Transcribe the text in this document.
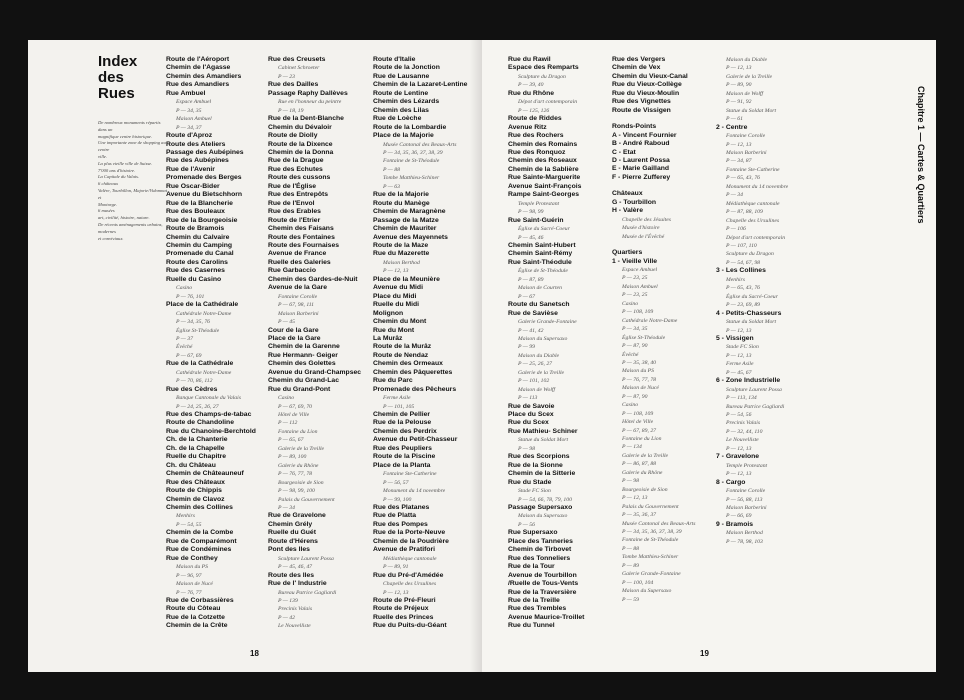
Index
des
Rues
De nombreux monuments répartis dans un
magnifique centre historique.
Une importante zone de shopping au centre
ville.
La plus vieille ville de Suisse.
7'000 ans d'histoire.
La Capitale du Valais.
6 châteaux
Valère, Tourbillon, Majorie/Vidomnat et
Montorge.
6 musées
art, civilité, histoire, nature.
De récents aménagements urbains, modernes
et conviviaux.
Route de l'Aéroport
Chemin de l'Agasse
Chemin des Amandiers
Rue des Amandiers
Rue Ambuel
Espace Ambuel
P — 34, 35
Maison Ambuel
P — 34, 37
Route d'Aproz
Route des Ateliers
Passage des Aubépines
Rue des Aubépines
Rue de l'Avenir
Promenade des Berges
Rue Oscar-Bider
Avenue du Bietschhorn
Rue de la Blancherie
Rue des Bouleaux
Rue de la Bourgeoisie
Route de Bramois
Chemin du Calvaire
Chemin du Camping
Promenade du Canal
Route des Carolins
Rue des Casernes
Ruelle du Casino
Casino
P — 76, 101
Place de la Cathédrale
Cathédrale Notre-Dame
P — 34, 35, 76
Église St-Théodule
P — 37
Évêché
P — 67, 69
Rue de la Cathédrale
Cathédrale Notre-Dame
P — 70, 86, 112
Rue des Cèdres
Banque Cantonale du Valais
P — 24, 25, 26, 27
Rue des Champs-de-tabac
Route de Chandoline
Rue du Chanoine-Berchtold
Ch. de la Chanterie
Ch. de la Chapelle
Ruelle du Chapitre
Ch. du Château
Chemin de Châteauneuf
Rue des Châteaux
Route de Chippis
Chemin de Clavoz
Chemin des Collines
Menhirs
P — 54, 55
Chemin de la Combe
Rue de Comparémont
Rue de Condémines
Rue de Conthey
Maison du PS
P — 96, 97
Maison de Nucé
P — 76, 77
Rue de Corbassières
Route du Côteau
Rue de la Cotzette
Chemin de la Crête
Rue des Creusets
Cabinet Schroeter
P — 23
Rue des Dailles
Passage Raphy Dallèves
Rue en l'honneur du peintre
P — 18, 19
Rue de la Dent-Blanche
Chemin du Dévaloir
Route de Diolly
Route de la Dixence
Chemin de la Donna
Rue de la Drague
Rue des Echutes
Route des cussons
Rue de l'Église
Rue des Entrepôts
Rue de l'Envol
Rue des Erables
Route de l'Etrier
Chemin des Faisans
Route des Fontaines
Route des Fournaises
Avenue de France
Ruelle des Galeries
Rue Garbaccio
Chemin des Gardes-de-Nuit
Avenue de la Gare
Fontaine Corolle
P — 67, 98, 111
Maison Barberini
P — 45
Cour de la Gare
Place de la Gare
Chemin de la Garenne
Rue Hermann- Geiger
Chemin des Golettes
Avenue du Grand-Champsec
Chemin du Grand-Lac
Rue du Grand-Pont
Casino
P — 67, 69, 70
Hôtel de Ville
P — 112
Fontaine du Lion
P — 65, 67
Galerie de la Treille
P — 89, 100
Galerie du Rhône
P — 76, 77, 78
Bourgeoisie de Sion
P — 98, 99, 100
Palais du Gouvernement
P — 34
Rue de Gravelone
Chemin Grély
Ruelle du Guét
Route d'Hérens
Pont des Iles
Sculpture Laurent Possa
P — 45, 46, 47
Route des Iles
Rue de l' Industrie
Bureau Patrice Gagliardi
P — 139
Precinis Valais
P — 42
Le Nouvelliste
Route d'Italie
Route de la Jonction
Rue de Lausanne
Chemin de la Lazaret-Lentine
Route de Lentine
Chemin des Lézards
Chemin des Lilas
Rue de Loèche
Route de la Lombardie
Place de la Majorie
Musée Cantonal des Beaux-Arts
P — 34, 35, 36, 37, 38, 39
Fontaine de St-Théodule
P — 88
Tombe Matthieu-Schiner
P — 63
Rue de la Majorie
Route du Manège
Chemin de Maragnène
Passage de la Matze
Chemin de Mauriter
Avenue des Mayennets
Route de la Maze
Rue du Mazerette
Maison Berthod
P — 12, 13
Place de la Meunière
Avenue du Midi
Place du Midi
Ruelle du Midi
Molignon
Chemin du Mont
Rue du Mont
La Murâz
Route de la Murâz
Route de Nendaz
Chemin des Ormeaux
Chemin des Pâquerettes
Rue du Parc
Promenade des Pêcheurs
Ferme Asile
P — 101, 105
Chemin de Pellier
Rue de la Pelouse
Chemin des Perdrix
Avenue du Petit-Chasseur
Rue des Peupliers
Route de la Piscine
Place de la Planta
Fontaine Ste-Catherine
P — 56, 57
Monument du 14 novembre
P — 99, 100
Rue des Platanes
Rue de Platta
Rue des Pompes
Rue de la Porte-Neuve
Chemin de la Poudrière
Avenue de Pratifori
Médiathèque cantonale
P — 89, 91
Rue du Pré-d'Amédée
Chapelle des Ursulines
P — 12, 13
Route de Pré-Fleuri
Route de Préjeux
Ruelle des Princes
Rue du Puits-du-Géant
18
Rue du Rawil
Espace des Remparts
Sculpture du Dragon
P — 39, 40
Rue du Rhône
Dépot d'art contemporain
P — 125, 126
Route de Riddes
Avenue Ritz
Rue des Rochers
Chemin des Romains
Rue des Ronquoz
Chemin des Roseaux
Chemin de la Sablière
Rue Sainte-Marguerite
Avenue Saint-François
Rampe Saint-Georges
Temple Protestant
P — 98, 99
Rue Saint-Guérin
Église du Sacré-Coeur
P — 45, 46
Chemin Saint-Hubert
Chemin Saint-Rémy
Rue Saint-Théodule
Église de St-Théodule
P — 87, 89
Maison de Courten
P — 67
Route du Sanetsch
Rue de Savièse
Galerie Grande-Fontaine
P — 41, 42
Maison du Supersaxo
P — 99
Maison du Diable
P — 25, 26, 27
Galerie de la Treille
P — 101, 102
Maison de Wolff
P — 113
Rue de Savoie
Place du Scex
Rue du Scex
Rue Mathieu- Schiner
Statue du Soldat Mort
P — 98
Rue des Scorpions
Rue de la Sionne
Chemin de la Sitterie
Rue du Stade
Stade FC Sion
P — 54, 66, 78, 79, 100
Passage Supersaxo
Maison du Supersaxo
P — 56
Rue Supersaxo
Place des Tanneries
Chemin de Tirbovet
Rue des Tonneliers
Rue de la Tour
Avenue de Tourbillon
/Ruelle de Tous-Vents
Rue de la Traversière
Rue de la Treille
Rue des Trembles
Avenue Maurice-Troillet
Rue du Tunnel
Rue des Vergers
Chemin de Vex
Chemin du Vieux-Canal
Rue du Vieux-Collège
Rue du Vieux-Moulin
Rue des Vignettes
Route de Vissigen
Ronds-Points
A - Vincent Fournier
B - André Raboud
C - Etat
D - Laurent Possa
E - Marie Gailland
F - Pierre Zufferey
Châteaux
G - Tourbillon
H - Valère
Chapelle des Jésuites
Musée d'histoire
Musée de l'Évêché
Quartiers
1 - Vieille Ville
Espace Ambuel
P — 23, 25
Maison Ambuel
P — 23, 25
Casino
P — 108, 109
Cathédrale Notre-Dame
P — 34, 35
Église St-Théodule
P — 87, 90
Évêché
P — 35, 38, 40
Maison du PS
P — 76, 77, 78
Maison de Nucé
P — 87, 90
Casino
P — 108, 109
Hôtel de Ville
P — 67, 89, 27
Fontaine du Lion
P — 134
Galerie de la Treille
P — 86, 87, 88
Galerie du Rhône
P — 98
Bourgeoisie de Sion
P — 12, 13
Palais du Gouvernement
P — 35, 36, 37
Musée Cantonal des Beaux-Arts
P — 34, 35, 36, 37, 38, 39
Fontaine de St-Théodule
P — 88
Tombe Matthieu-Schiner
P — 89
Galerie Grande-Fontaine
P — 100, 104
Maison du Supersaxo
P — 59
Maison du Diable
P — 12, 13
Galerie de la Treille
P — 89, 90
Maison de Wolff
P — 91, 92
Statue du Soldat Mort
P — 61
2 - Centre
Fontaine Corolle
P — 12, 13
Maison Barberini
P — 34, 87
Fontaine Ste-Catherine
P — 65, 43, 76
Monument du 14 novembre
P — 34
Médiathèque cantonale
P — 87, 88, 109
Chapelle des Ursulines
P — 106
Dépot d'art contemporain
P — 107, 110
Sculpture du Dragon
P — 54, 67, 98
3 - Les Collines
Menhirs
P — 65, 43, 76
Église du Sacré-Coeur
P — 23, 69, 89
4 - Petits-Chasseurs
Statue du Soldat Mort
P — 12, 13
5 - Vissigen
Stade FC Sion
P — 12, 13
Ferme Asile
P — 45, 67
6 - Zone Industrielle
Sculpture Laurent Possa
P — 113, 134
Bureau Patrice Gagliardi
P — 54, 56
Precinis Valais
P — 32, 44, 110
Le Nouvelliste
P — 12, 13
7 - Gravelone
Temple Protestant
P — 12, 13
8 - Cargo
Fontaine Corolle
P — 56, 88, 113
Maison Barberini
P — 66, 69
9 - Bramois
Maison Berthod
P — 78, 98, 103
Chapitre 1 — Cartes & Quartiers
19
